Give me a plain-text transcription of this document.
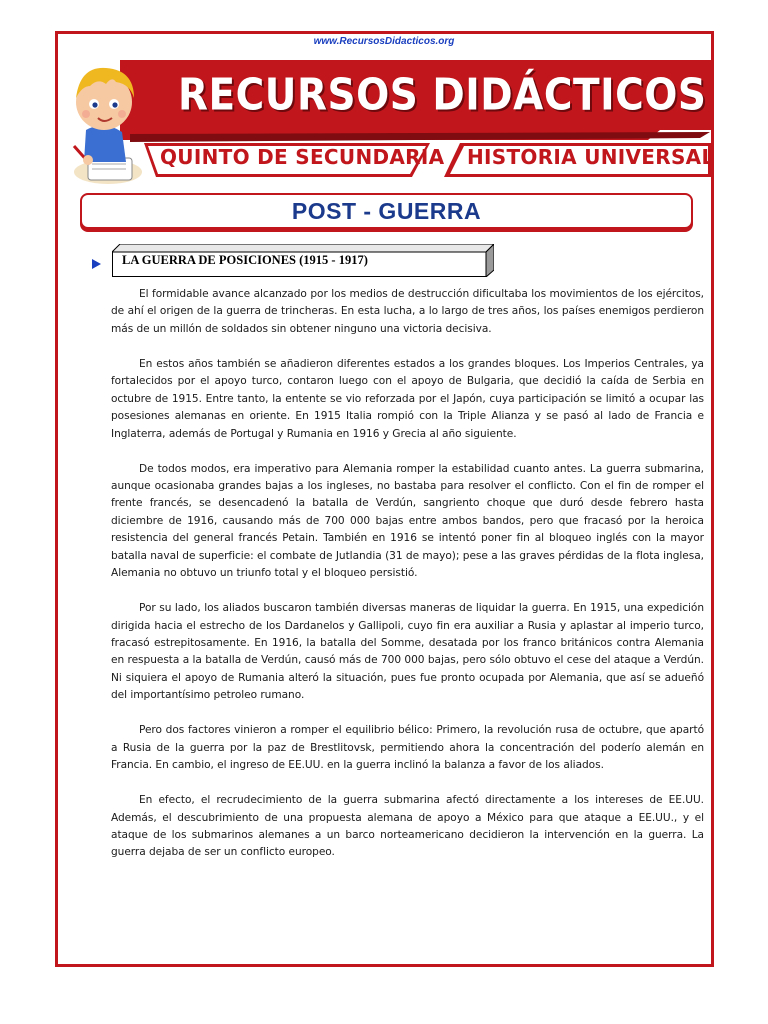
www.RecursosDidacticos.org
RECURSOS DIDÁCTICOS
QUINTO DE SECUNDARIA HISTORIA UNIVERSAL
POST - GUERRA
LA GUERRA DE POSICIONES (1915 - 1917)

El formidable avance alcanzado por los medios de destrucción dificultaba los movimientos de los ejércitos, de ahí el origen de la guerra de trincheras. En esta lucha, a lo largo de tres años, los países enemigos perdieron más de un millón de soldados sin obtener ninguno una victoria decisiva.

En estos años también se añadieron diferentes estados a los grandes bloques. Los Imperios Centrales, ya fortalecidos por el apoyo turco, contaron luego con el apoyo de Bulgaria, que decidió la caída de Serbia en octubre de 1915. Entre tanto, la entente se vio reforzada por el Japón, cuya participación se limitó a ocupar las posesiones alemanas en oriente. En 1915 Italia rompió con la Triple Alianza y se pasó al lado de Francia e Inglaterra, además de Portugal y Rumania en 1916 y Grecia al año siguiente.

De todos modos, era imperativo para Alemania romper la estabilidad cuanto antes. La guerra submarina, aunque ocasionaba grandes bajas a los ingleses, no bastaba para resolver el conflicto. Con el fin de romper el frente francés, se desencadenó la batalla de Verdún, sangriento choque que duró desde febrero hasta diciembre de 1916, causando más de 700 000 bajas entre ambos bandos, pero que fracasó por la heroica resistencia del general francés Petain. También en 1916 se intentó poner fin al bloqueo inglés con la mayor batalla naval de superficie: el combate de Jutlandia (31 de mayo); pese a las graves pérdidas de la flota inglesa, Alemania no obtuvo un triunfo total y el bloqueo persistió.

Por su lado, los aliados buscaron también diversas maneras de liquidar la guerra. En 1915, una expedición dirigida hacia el estrecho de los Dardanelos y Gallipoli, cuyo fin era auxiliar a Rusia y aplastar al imperio turco, fracasó estrepitosamente. En 1916, la batalla del Somme, desatada por los franco británicos contra Alemania en respuesta a la batalla de Verdún, causó más de 700 000 bajas, pero sólo obtuvo el cese del ataque a Verdún. Ni siquiera el apoyo de Rumania alteró la situación, pues fue pronto ocupada por Alemania, que así se adueñó del importantísimo petroleo rumano.

Pero dos factores vinieron a romper el equilibrio bélico: Primero, la revolución rusa de octubre, que apartó a Rusia de la guerra por la paz de Brestlitovsk, permitiendo ahora la concentración del poderío alemán en Francia. En cambio, el ingreso de EE.UU. en la guerra inclinó la balanza a favor de los aliados.

En efecto, el recrudecimiento de la guerra submarina afectó directamente a los intereses de EE.UU. Además, el descubrimiento de una propuesta alemana de apoyo a México para que ataque a EE.UU., y el ataque de los submarinos alemanes a un barco norteamericano decidieron la intervención en la guerra. La guerra dejaba de ser un conflicto europeo.
